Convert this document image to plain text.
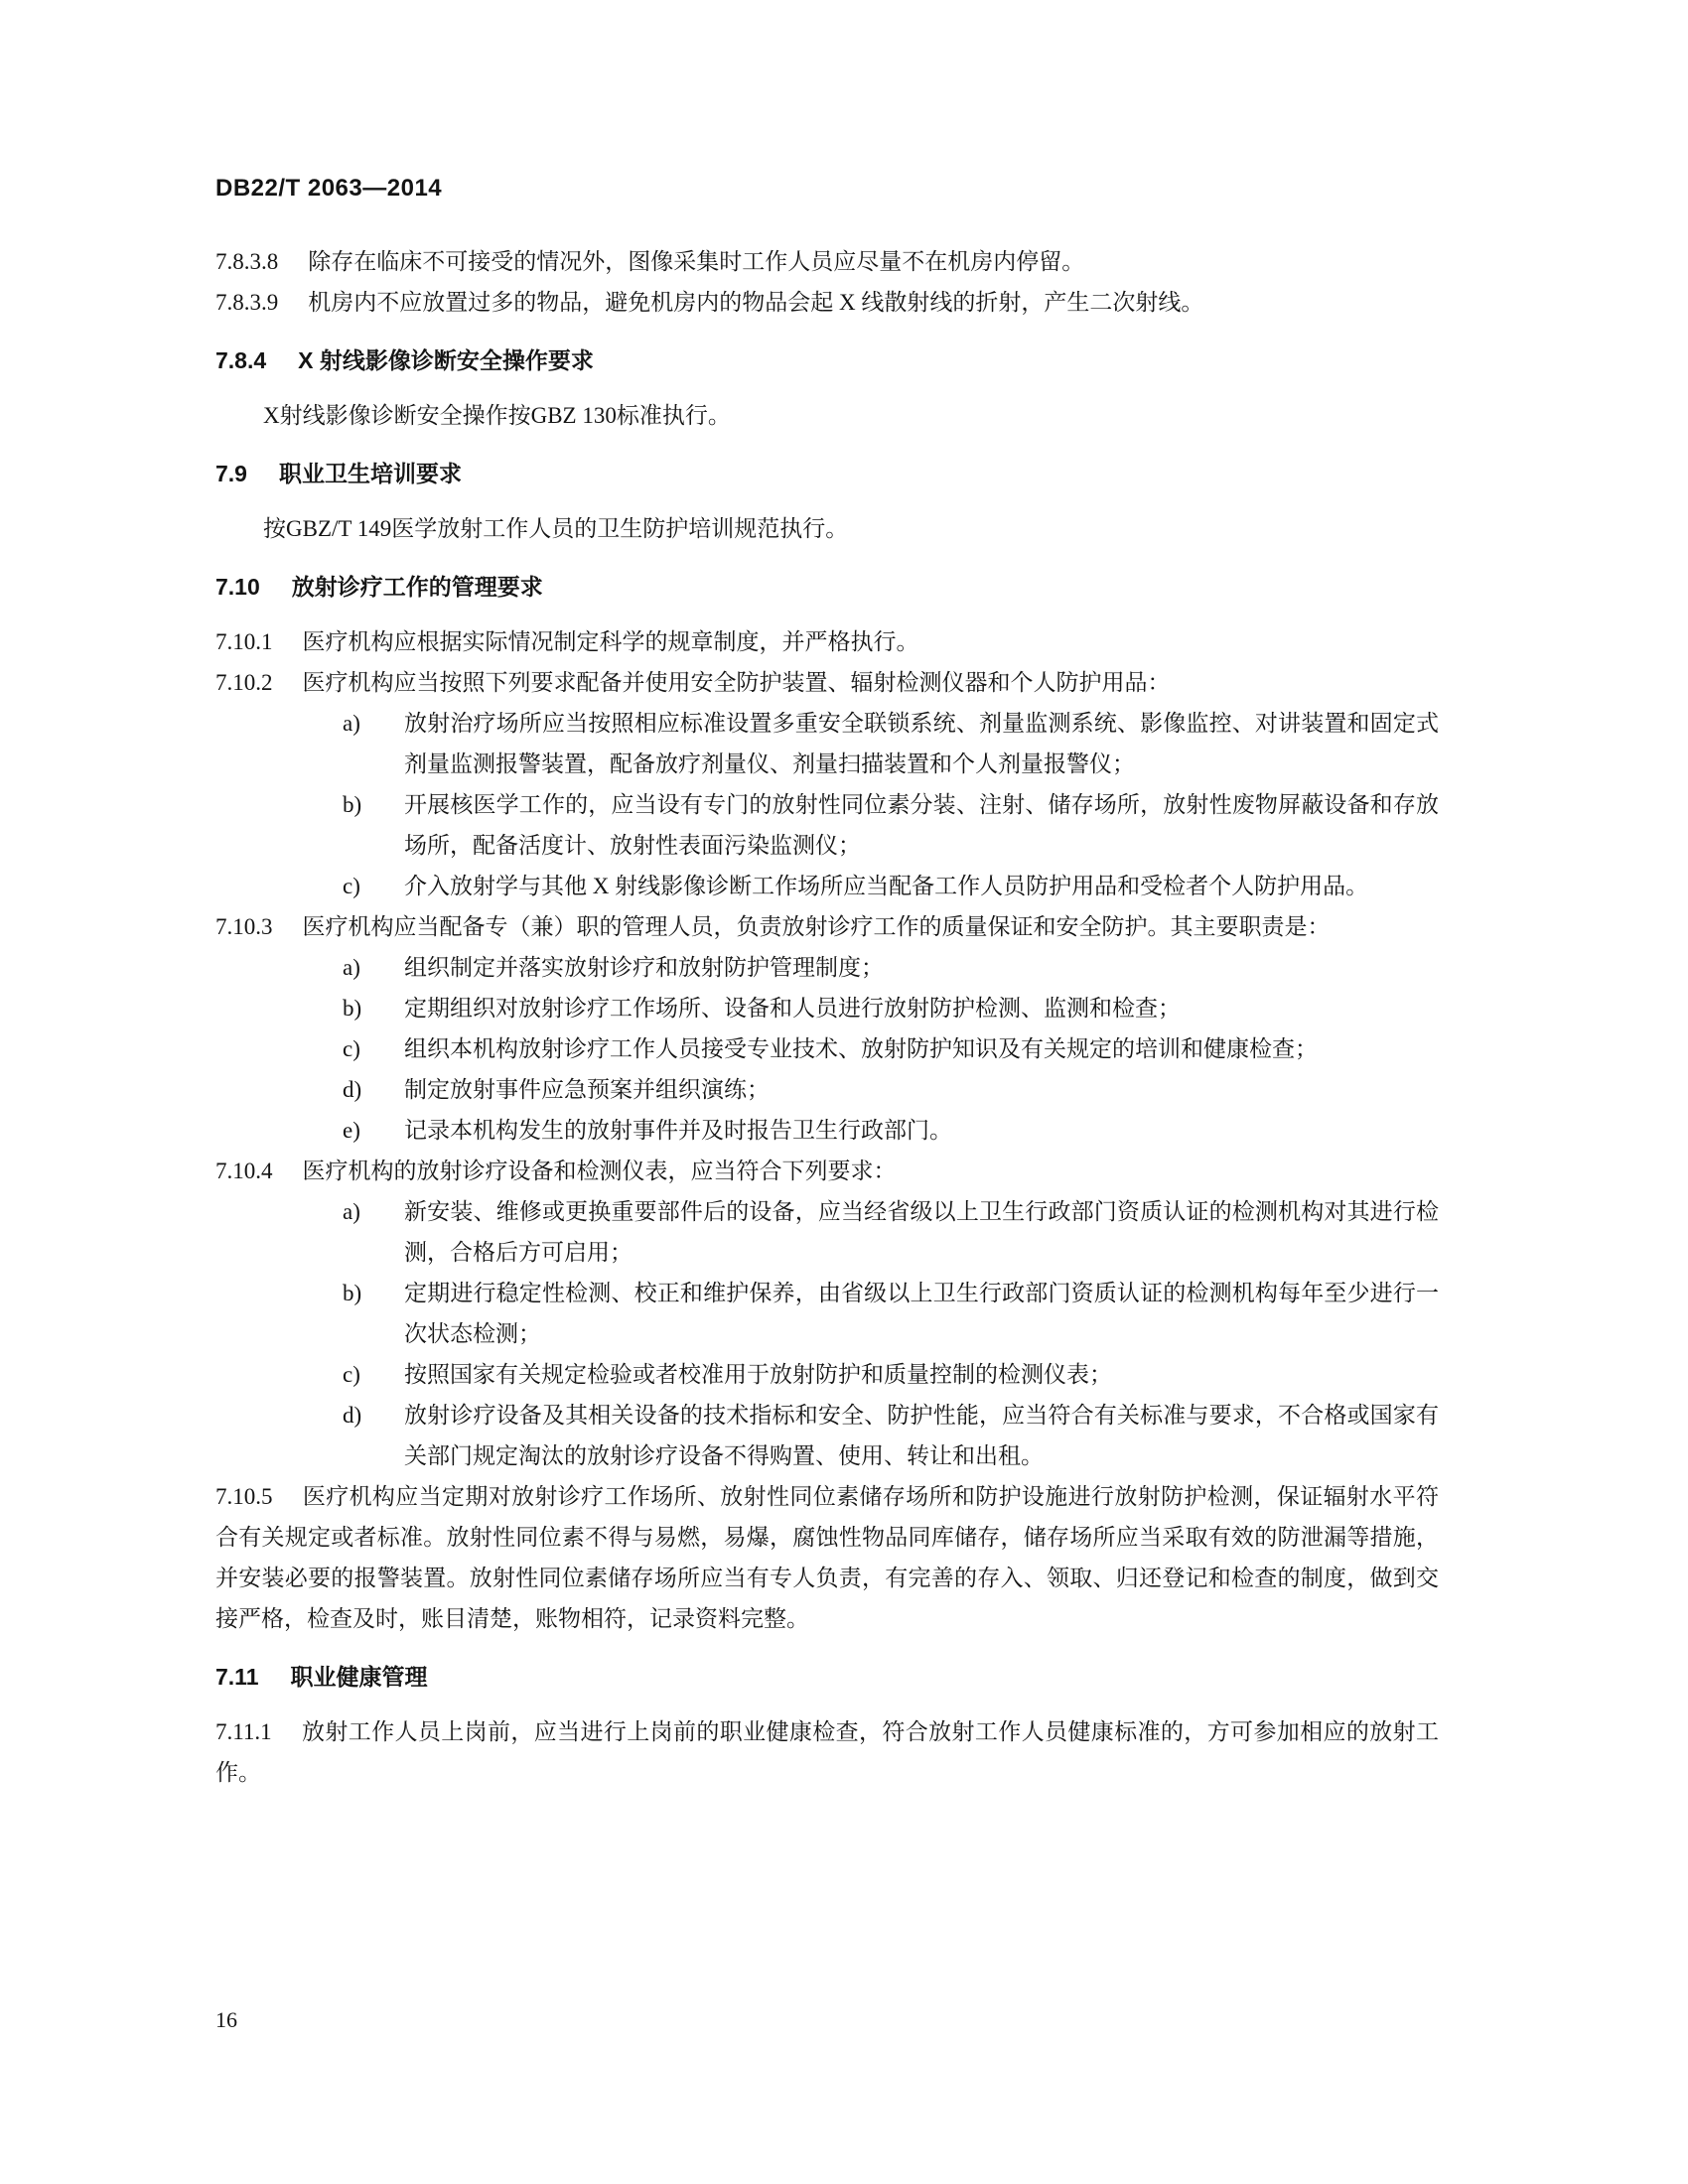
DB22/T 2063—2014

7.8.3.8 除存在临床不可接受的情况外，图像采集时工作人员应尽量不在机房内停留。

7.8.3.9 机房内不应放置过多的物品，避免机房内的物品会起 X 线散射线的折射，产生二次射线。

7.8.4 X 射线影像诊断安全操作要求

X射线影像诊断安全操作按GBZ 130标准执行。

7.9 职业卫生培训要求

按GBZ/T 149医学放射工作人员的卫生防护培训规范执行。

7.10 放射诊疗工作的管理要求

7.10.1 医疗机构应根据实际情况制定科学的规章制度，并严格执行。

7.10.2 医疗机构应当按照下列要求配备并使用安全防护装置、辐射检测仪器和个人防护用品：

a) 放射治疗场所应当按照相应标准设置多重安全联锁系统、剂量监测系统、影像监控、对讲装置和固定式剂量监测报警装置，配备放疗剂量仪、剂量扫描装置和个人剂量报警仪；
b) 开展核医学工作的，应当设有专门的放射性同位素分装、注射、储存场所，放射性废物屏蔽设备和存放场所，配备活度计、放射性表面污染监测仪；
c) 介入放射学与其他 X 射线影像诊断工作场所应当配备工作人员防护用品和受检者个人防护用品。

7.10.3 医疗机构应当配备专（兼）职的管理人员，负责放射诊疗工作的质量保证和安全防护。其主要职责是：

a) 组织制定并落实放射诊疗和放射防护管理制度；
b) 定期组织对放射诊疗工作场所、设备和人员进行放射防护检测、监测和检查；
c) 组织本机构放射诊疗工作人员接受专业技术、放射防护知识及有关规定的培训和健康检查；
d) 制定放射事件应急预案并组织演练；
e) 记录本机构发生的放射事件并及时报告卫生行政部门。

7.10.4 医疗机构的放射诊疗设备和检测仪表，应当符合下列要求：

a) 新安装、维修或更换重要部件后的设备，应当经省级以上卫生行政部门资质认证的检测机构对其进行检测，合格后方可启用；
b) 定期进行稳定性检测、校正和维护保养，由省级以上卫生行政部门资质认证的检测机构每年至少进行一次状态检测；
c) 按照国家有关规定检验或者校准用于放射防护和质量控制的检测仪表；
d) 放射诊疗设备及其相关设备的技术指标和安全、防护性能，应当符合有关标准与要求，不合格或国家有关部门规定淘汰的放射诊疗设备不得购置、使用、转让和出租。

7.10.5 医疗机构应当定期对放射诊疗工作场所、放射性同位素储存场所和防护设施进行放射防护检测，保证辐射水平符合有关规定或者标准。放射性同位素不得与易燃，易爆，腐蚀性物品同库储存，储存场所应当采取有效的防泄漏等措施，并安装必要的报警装置。放射性同位素储存场所应当有专人负责，有完善的存入、领取、归还登记和检查的制度，做到交接严格，检查及时，账目清楚，账物相符，记录资料完整。

7.11 职业健康管理

7.11.1 放射工作人员上岗前，应当进行上岗前的职业健康检查，符合放射工作人员健康标准的，方可参加相应的放射工作。

16
